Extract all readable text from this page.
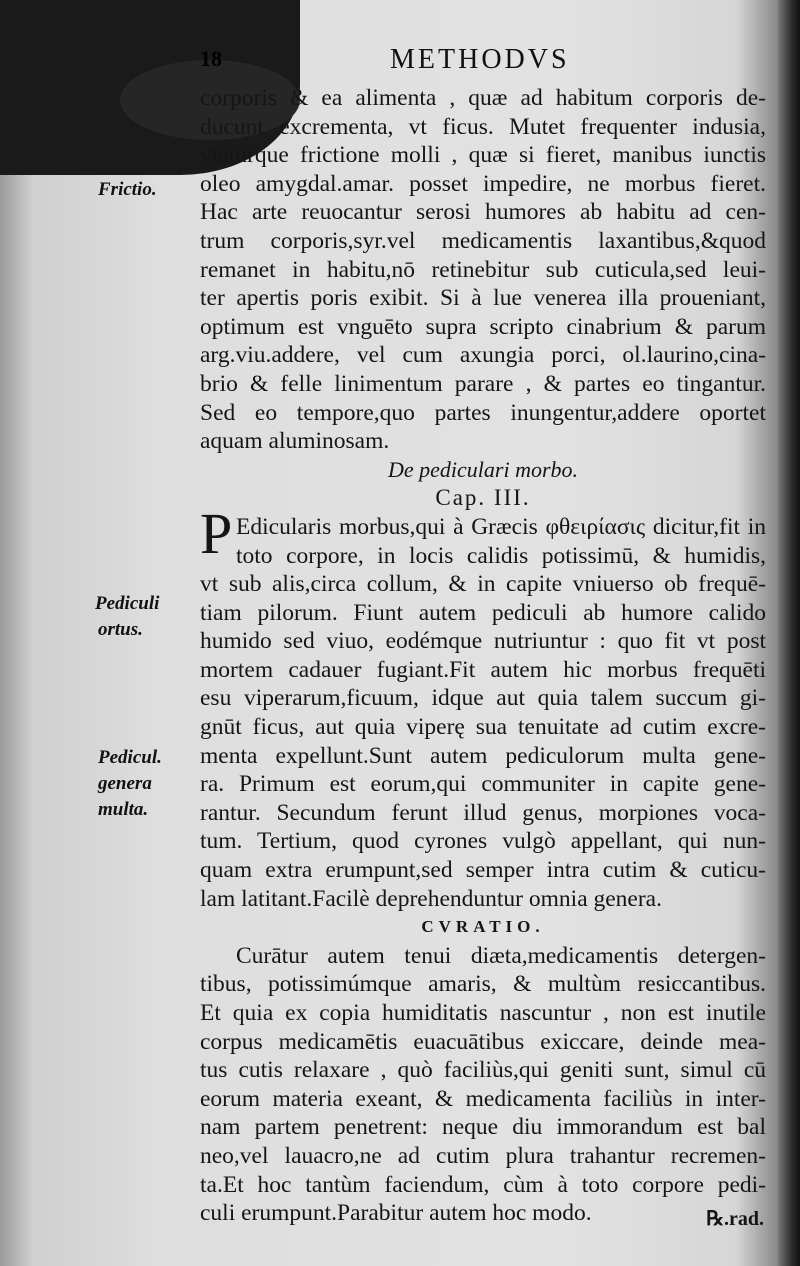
18	METHODVS
Frictio.
Pediculi
ortus.
Pedicul.
genera
multa.
P
corporis & ea alimenta , quæ ad habitum corporis de-
ducunt excrementa, vt ficus. Mutet frequenter indusia,
vtatúrque frictione molli , quæ si fieret, manibus iunctis
oleo amygdal.amar. posset impedire, ne morbus fieret.
Hac arte reuocantur serosi humores ab habitu ad cen-
trum corporis,syr.vel medicamentis laxantibus,&quod
remanet in habitu,nō retinebitur sub cuticula,sed leui-
ter apertis poris exibit. Si à lue venerea illa proueniant,
optimum est vnguēto supra scripto cinabrium & parum
arg.viu.addere, vel cum axungia porci, ol.laurino,cina-
brio & felle linimentum parare , & partes eo tingantur.
Sed eo tempore,quo partes inungentur,addere oportet
aquam aluminosam.
De pediculari morbo.
Cap. III.
Edicularis morbus,qui à Græcis φθειρίασις dicitur,fit in
toto corpore, in locis calidis potissimū, & humidis,
vt sub alis,circa collum, & in capite vniuerso ob frequē-
tiam pilorum. Fiunt autem pediculi ab humore calido
humido sed viuo, eodémque nutriuntur : quo fit vt post
mortem cadauer fugiant.Fit autem hic morbus frequēti
esu viperarum,ficuum, idque aut quia talem succum gi-
gnūt ficus, aut quia viperę sua tenuitate ad cutim excre-
menta expellunt.Sunt autem pediculorum multa gene-
ra. Primum est eorum,qui communiter in capite gene-
rantur. Secundum ferunt illud genus, morpiones voca-
tum. Tertium, quod cyrones vulgò appellant, qui nun-
quam extra erumpunt,sed semper intra cutim & cuticu-
lam latitant.Facilè deprehenduntur omnia genera.
CVRATIO.
Curātur autem tenui diæta,medicamentis detergen-
tibus, potissimúmque amaris, & multùm resiccantibus.
Et quia ex copia humiditatis nascuntur , non est inutile
corpus medicamētis euacuātibus exiccare, deinde mea-
tus cutis relaxare , quò faciliùs,qui geniti sunt, simul cū
eorum materia exeant, & medicamenta faciliùs in inter-
nam partem penetrent: neque diu immorandum est bal
neo,vel lauacro,ne ad cutim plura trahantur recremen-
ta.Et hoc tantùm faciendum, cùm à toto corpore pedi-
culi erumpunt.Parabitur autem hoc modo.	℞.rad.
